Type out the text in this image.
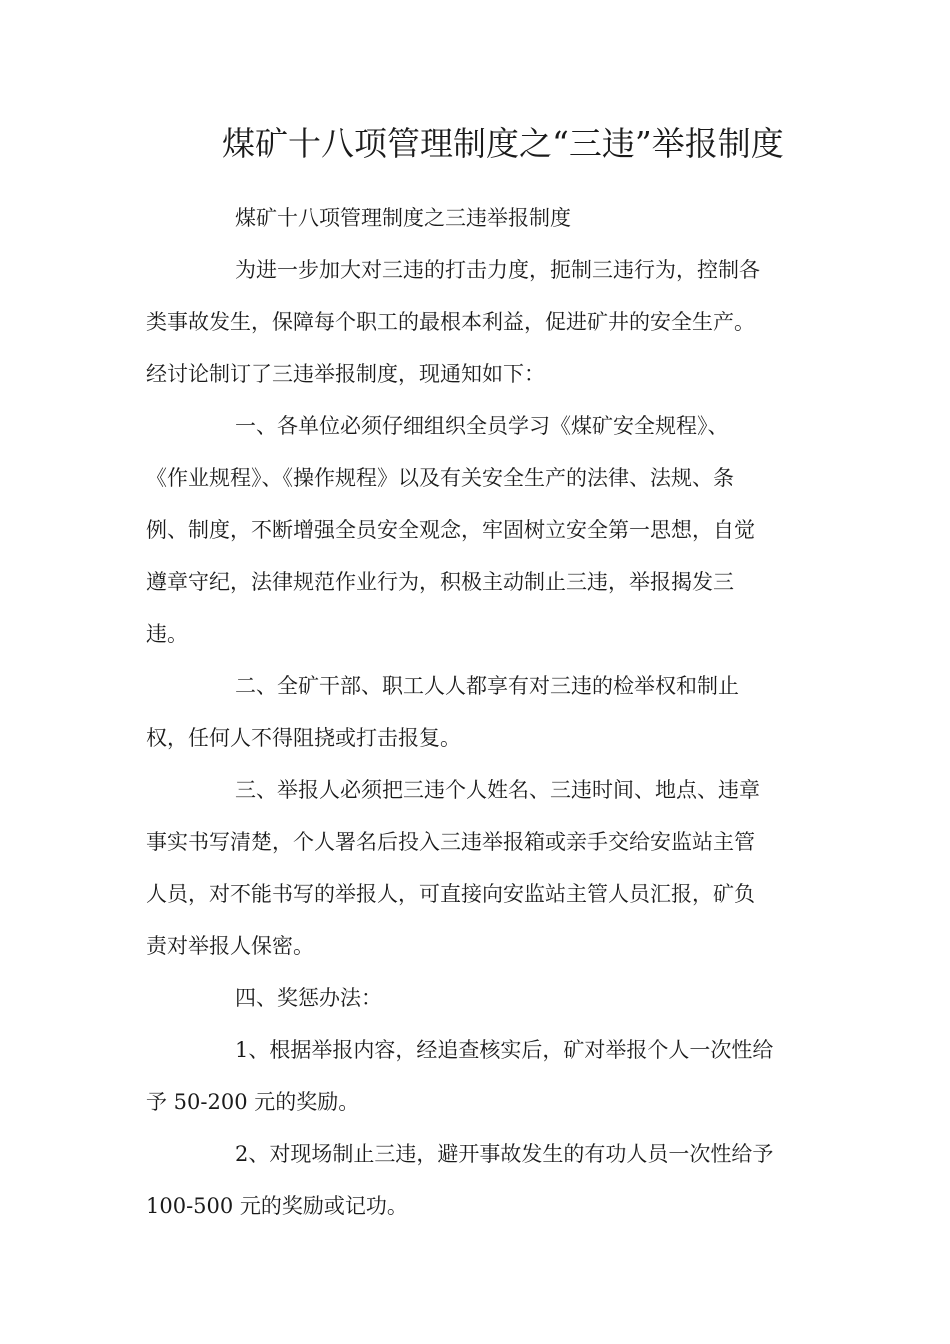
煤矿十八项管理制度之“三违”举报制度
煤矿十八项管理制度之三违举报制度
为进一步加大对三违的打击力度，扼制三违行为，控制各
类事故发生，保障每个职工的最根本利益，促进矿井的安全生产。
经讨论制订了三违举报制度，现通知如下：
一、各单位必须仔细组织全员学习《煤矿安全规程》、
《作业规程》、《操作规程》以及有关安全生产的法律、法规、条
例、制度，不断增强全员安全观念，牢固树立安全第一思想，自觉
遵章守纪，法律规范作业行为，积极主动制止三违，举报揭发三
违。
二、全矿干部、职工人人都享有对三违的检举权和制止
权，任何人不得阻挠或打击报复。
三、举报人必须把三违个人姓名、三违时间、地点、违章
事实书写清楚，个人署名后投入三违举报箱或亲手交给安监站主管
人员，对不能书写的举报人，可直接向安监站主管人员汇报，矿负
责对举报人保密。
四、奖惩办法：
1、根据举报内容，经追查核实后，矿对举报个人一次性给
予 50-200 元的奖励。
2、对现场制止三违，避开事故发生的有功人员一次性给予
100-500 元的奖励或记功。
